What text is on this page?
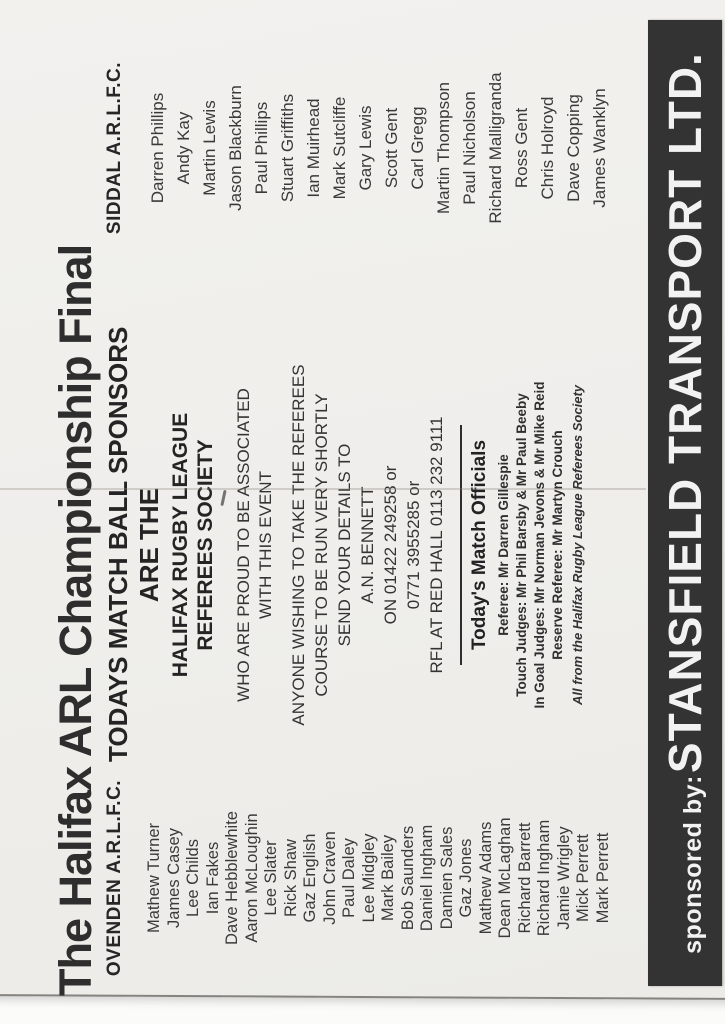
The Halifax ARL Championship Final OVENDEN A.R.L.F.C. Mathew Turner James Casey Lee Childs Ian Fakes Dave Hebblewhite Aaron McLoughin Lee Slater Rick Shaw Gaz English John Craven Paul Daley Lee Midgley Mark Bailey Bob Saunders Daniel Ingham Damien Sales Gaz Jones Mathew Adams Dean McLaghan Richard Barrett Richard Ingham Jamie Wrigley Mick Perrett Mark Perrett
TODAYS MATCH BALL SPONSORS ARE THE HALIFAX RUGBY LEAGUE REFEREES SOCIETY WHO ARE PROUD TO BE ASSOCIATED WITH THIS EVENT ANYONE WISHING TO TAKE THE REFEREES COURSE TO BE RUN VERY SHORTLY SEND YOUR DETAILS TO A.N. BENNETT ON 01422 249258 or 0771 3955285 or RFL AT RED HALL 0113 232 9111 Today's Match Officials Referee: Mr Darren Gillespie Touch Judges: Mr Phil Barsby & Mr Paul Beeby In Goal Judges: Mr Norman Jevons & Mr Mike Reid Reserve Referee: Mr Martyn Crouch All from the Halifax Rugby League Referees Society
SIDDAL A.R.L.F.C. Darren Phillips Andy Kay Martin Lewis Jason Blackburn Paul Phillips Stuart Griffiths Ian Muirhead Mark Sutcliffe Gary Lewis Scott Gent Carl Gregg Martin Thompson Paul Nicholson Richard Malligranda Ross Gent Chris Holroyd Dave Copping James Wanklyn
sponsored by:
STANSFIELD TRANSPORT LTD.
